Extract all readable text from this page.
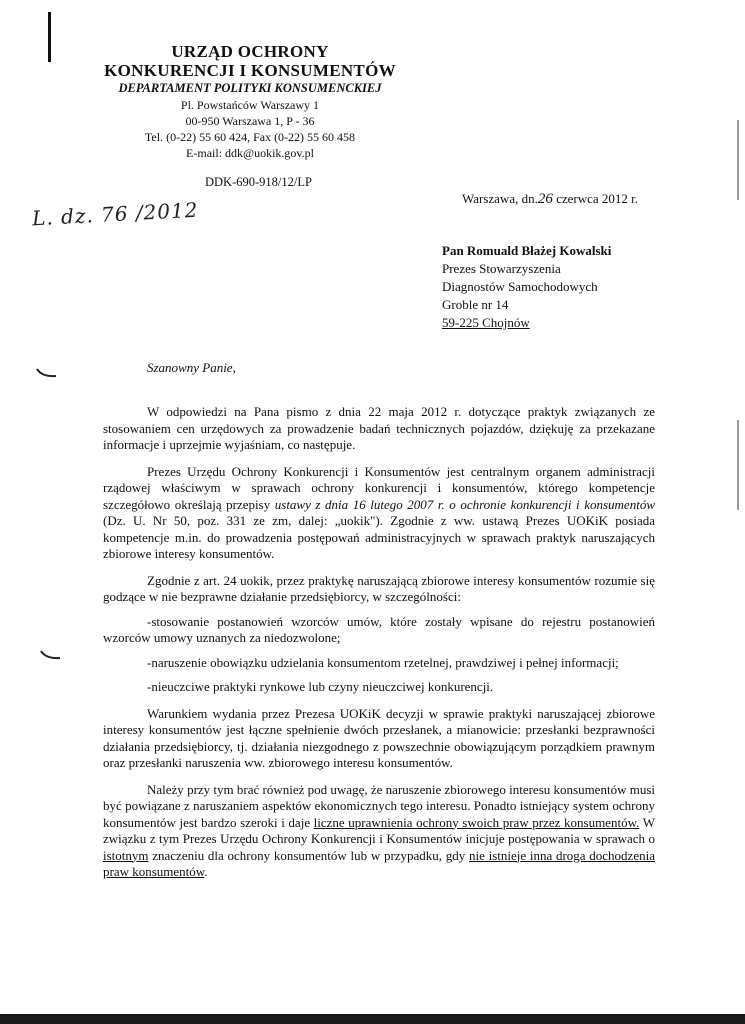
URZĄD OCHRONY
KONKURENCJI I KONSUMENTÓW
DEPARTAMENT POLITYKI KONSUMENCKIEJ
Pl. Powstańców Warszawy 1
00-950 Warszawa 1, P - 36
Tel. (0-22) 55 60 424, Fax (0-22) 55 60 458
E-mail: ddk@uokik.gov.pl
DDK-690-918/12/LP
L. dz. 76 /2012	Warszawa, dn.26 czerwca 2012 r.
Pan Romuald Błażej Kowalski
Prezes Stowarzyszenia
Diagnostów Samochodowych
Groble nr 14
59-225 Chojnów
Szanowny Panie,

W odpowiedzi na Pana pismo z dnia 22 maja 2012 r. dotyczące praktyk związanych ze stosowaniem cen urzędowych za prowadzenie badań technicznych pojazdów, dziękuję za przekazane informacje i uprzejmie wyjaśniam, co następuje.

Prezes Urzędu Ochrony Konkurencji i Konsumentów jest centralnym organem administracji rządowej właściwym w sprawach ochrony konkurencji i konsumentów, którego kompetencje szczegółowo określają przepisy ustawy z dnia 16 lutego 2007 r. o ochronie konkurencji i konsumentów (Dz. U. Nr 50, poz. 331 ze zm, dalej: „uokik"). Zgodnie z ww. ustawą Prezes UOKiK posiada kompetencje m.in. do prowadzenia postępowań administracyjnych w sprawach praktyk naruszających zbiorowe interesy konsumentów.

Zgodnie z art. 24 uokik, przez praktykę naruszającą zbiorowe interesy konsumentów rozumie się godzące w nie bezprawne działanie przedsiębiorcy, w szczególności:

-stosowanie postanowień wzorców umów, które zostały wpisane do rejestru postanowień wzorców umowy uznanych za niedozwolone;

-naruszenie obowiązku udzielania konsumentom rzetelnej, prawdziwej i pełnej informacji;

-nieuczciwe praktyki rynkowe lub czyny nieuczciwej konkurencji.

Warunkiem wydania przez Prezesa UOKiK decyzji w sprawie praktyki naruszającej zbiorowe interesy konsumentów jest łączne spełnienie dwóch przesłanek, a mianowicie: przesłanki bezprawności działania przedsiębiorcy, tj. działania niezgodnego z powszechnie obowiązującym porządkiem prawnym oraz przesłanki naruszenia ww. zbiorowego interesu konsumentów.

Należy przy tym brać również pod uwagę, że naruszenie zbiorowego interesu konsumentów musi być powiązane z naruszaniem aspektów ekonomicznych tego interesu. Ponadto istniejący system ochrony konsumentów jest bardzo szeroki i daje liczne uprawnienia ochrony swoich praw przez konsumentów. W związku z tym Prezes Urzędu Ochrony Konkurencji i Konsumentów inicjuje postępowania w sprawach o istotnym znaczeniu dla ochrony konsumentów lub w przypadku, gdy nie istnieje inna droga dochodzenia praw konsumentów.
